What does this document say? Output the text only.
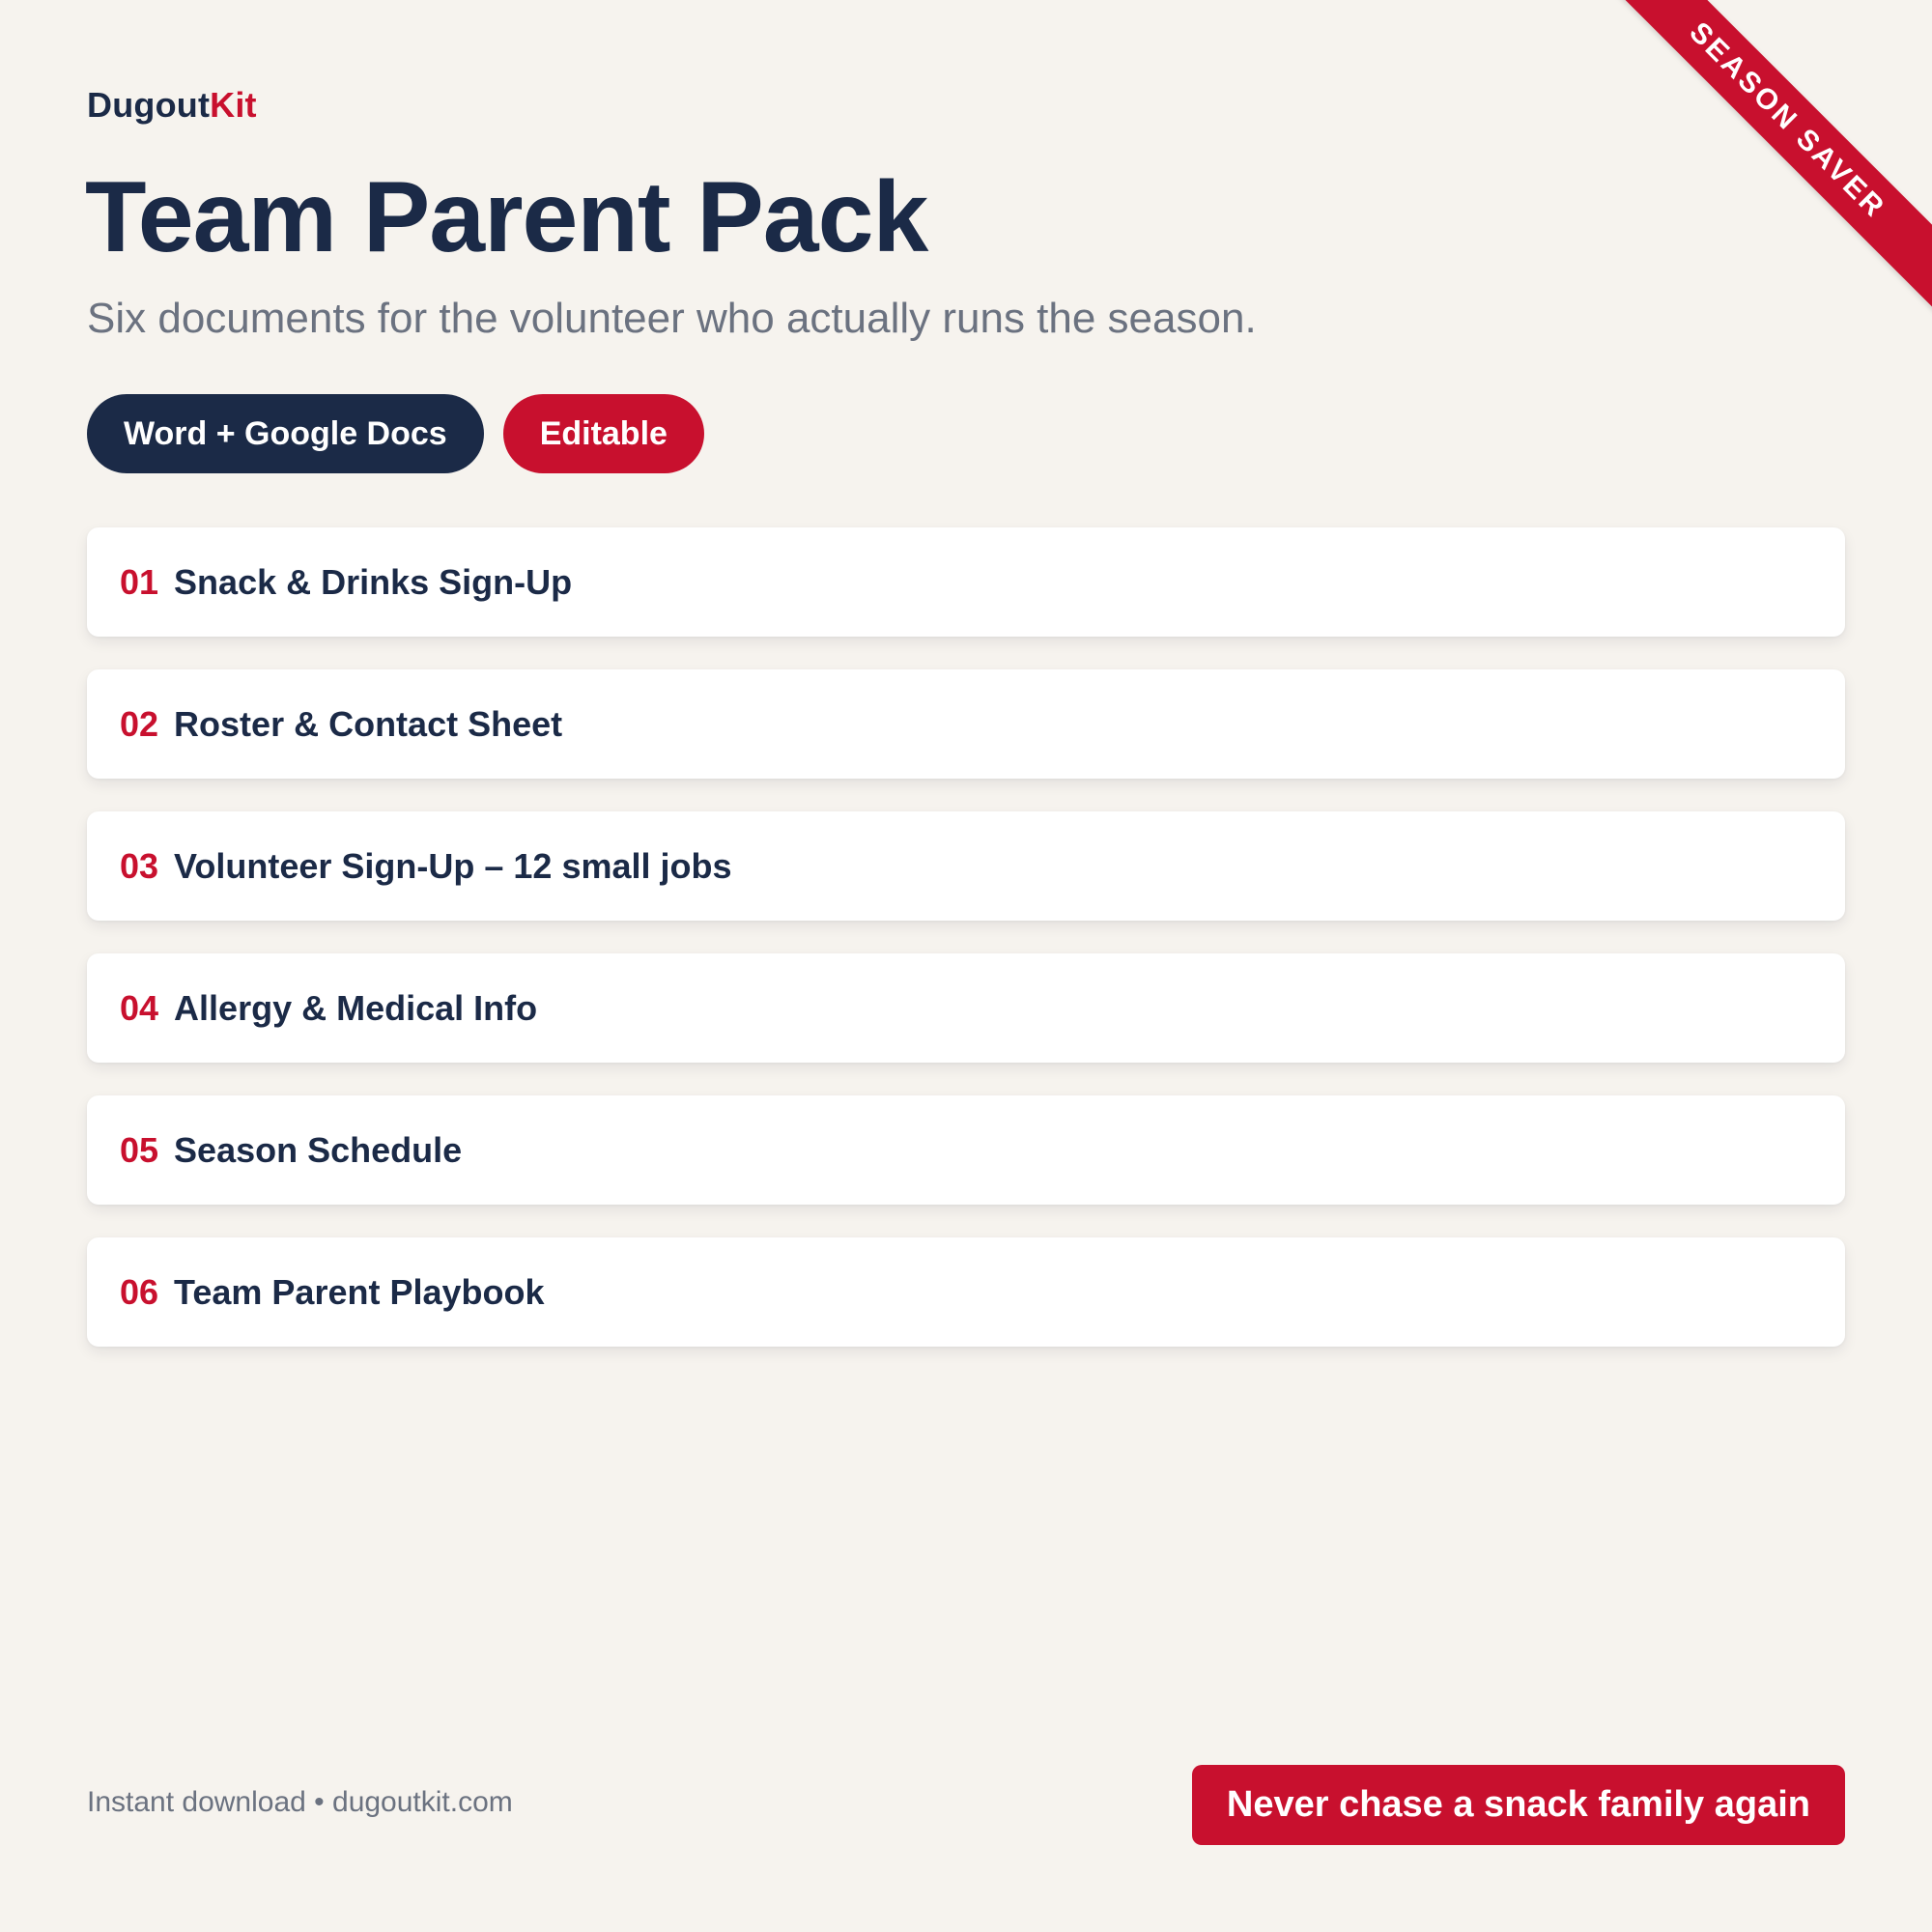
DugoutKit	SEASON SAVER
Team Parent Pack

Six documents for the volunteer who actually runs the season.

Word + Google Docs	Editable
01 Snack & Drinks Sign-Up
02 Roster & Contact Sheet
03 Volunteer Sign-Up – 12 small jobs
04 Allergy & Medical Info
05 Season Schedule
06 Team Parent Playbook
Instant download • dugoutkit.com	Never chase a snack family again
